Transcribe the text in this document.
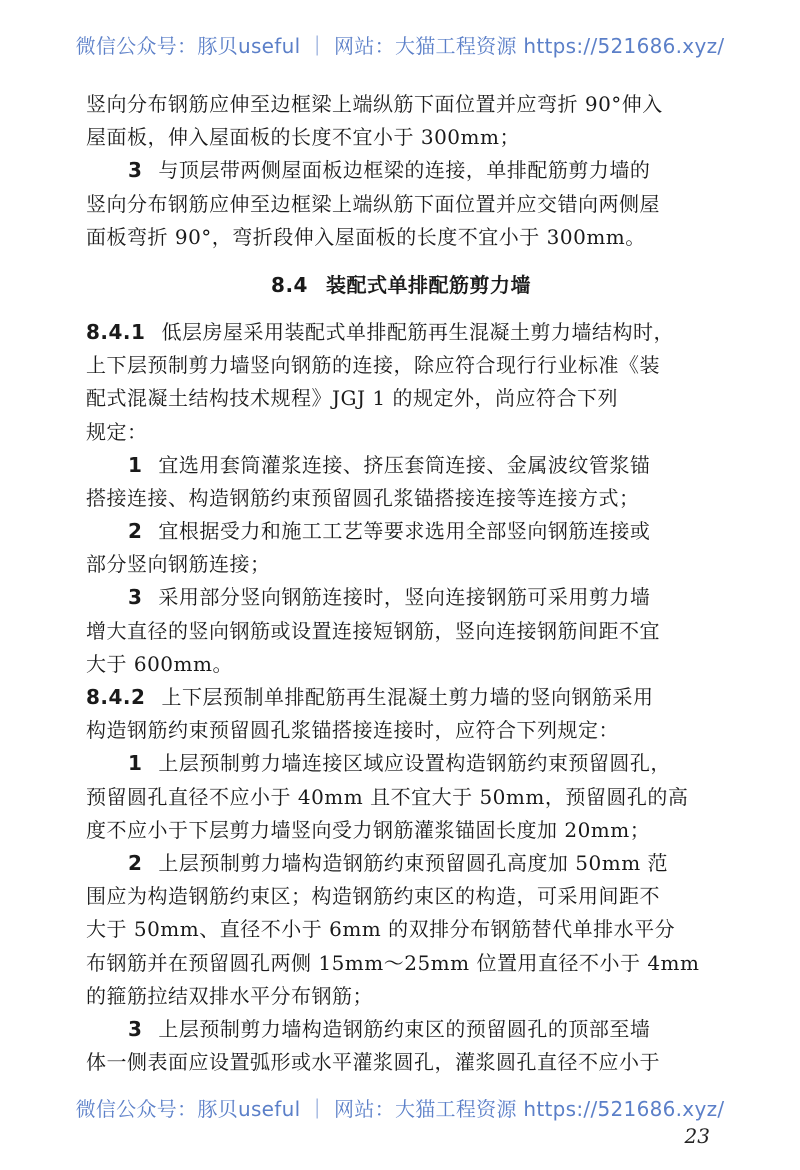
微信公众号：豚贝useful ｜ 网站：大猫工程资源 https://521686.xyz/
竖向分布钢筋应伸至边框梁上端纵筋下面位置并应弯折 90°伸入
屋面板，伸入屋面板的长度不宜小于 300mm；
3 与顶层带两侧屋面板边框梁的连接，单排配筋剪力墙的
竖向分布钢筋应伸至边框梁上端纵筋下面位置并应交错向两侧屋
面板弯折 90°，弯折段伸入屋面板的长度不宜小于 300mm。
8.4 装配式单排配筋剪力墙
8.4.1 低层房屋采用装配式单排配筋再生混凝土剪力墙结构时，
上下层预制剪力墙竖向钢筋的连接，除应符合现行行业标准《装
配式混凝土结构技术规程》JGJ 1 的规定外，尚应符合下列
规定：
1 宜选用套筒灌浆连接、挤压套筒连接、金属波纹管浆锚
搭接连接、构造钢筋约束预留圆孔浆锚搭接连接等连接方式；
2 宜根据受力和施工工艺等要求选用全部竖向钢筋连接或
部分竖向钢筋连接；
3 采用部分竖向钢筋连接时，竖向连接钢筋可采用剪力墙
增大直径的竖向钢筋或设置连接短钢筋，竖向连接钢筋间距不宜
大于 600mm。
8.4.2 上下层预制单排配筋再生混凝土剪力墙的竖向钢筋采用
构造钢筋约束预留圆孔浆锚搭接连接时，应符合下列规定：
1 上层预制剪力墙连接区域应设置构造钢筋约束预留圆孔，
预留圆孔直径不应小于 40mm 且不宜大于 50mm，预留圆孔的高
度不应小于下层剪力墙竖向受力钢筋灌浆锚固长度加 20mm；
2 上层预制剪力墙构造钢筋约束预留圆孔高度加 50mm 范
围应为构造钢筋约束区；构造钢筋约束区的构造，可采用间距不
大于 50mm、直径不小于 6mm 的双排分布钢筋替代单排水平分
布钢筋并在预留圆孔两侧 15mm～25mm 位置用直径不小于 4mm
的箍筋拉结双排水平分布钢筋；
3 上层预制剪力墙构造钢筋约束区的预留圆孔的顶部至墙
体一侧表面应设置弧形或水平灌浆圆孔，灌浆圆孔直径不应小于
微信公众号：豚贝useful ｜ 网站：大猫工程资源 https://521686.xyz/
23
